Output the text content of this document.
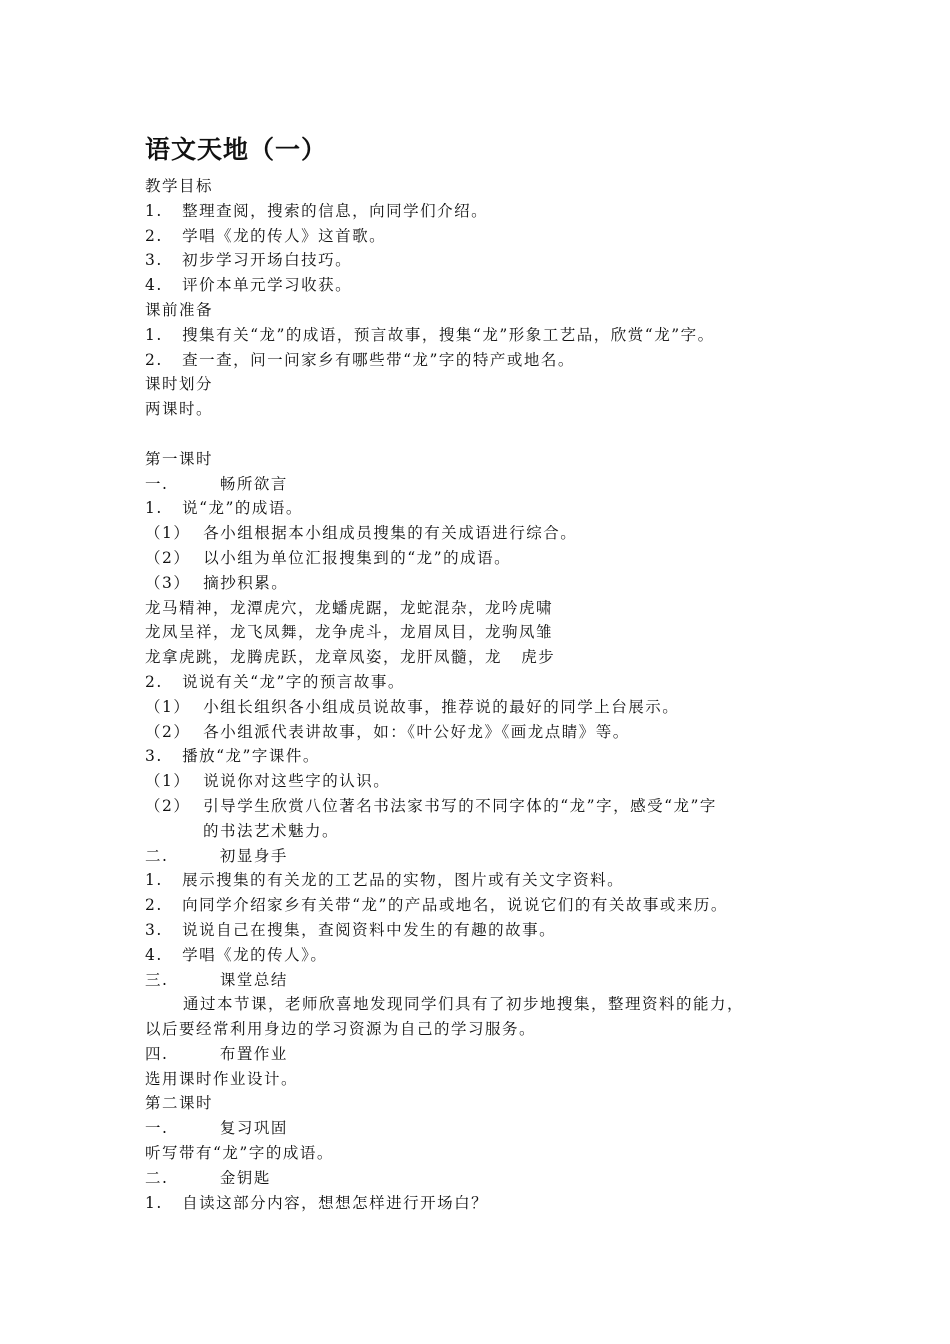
语文天地（一）
教学目标
1.   整理查阅，搜索的信息，向同学们介绍。
2.   学唱《龙的传人》这首歌。
3.   初步学习开场白技巧。
4.   评价本单元学习收获。
课前准备
1.   搜集有关“龙”的成语，预言故事，搜集“龙”形象工艺品，欣赏“龙”字。
2.   查一查，问一问家乡有哪些带“龙”字的特产或地名。
课时划分
两课时。
第一课时
一.        畅所欲言
1.   说“龙”的成语。
（1）  各小组根据本小组成员搜集的有关成语进行综合。
（2）  以小组为单位汇报搜集到的“龙”的成语。
（3）  摘抄积累。
龙马精神，龙潭虎穴，龙蟠虎踞，龙蛇混杂，龙吟虎啸
龙凤呈祥，龙飞凤舞，龙争虎斗，龙眉凤目，龙驹凤雏
龙拿虎跳，龙腾虎跃，龙章凤姿，龙肝凤髓，龙   虎步
2.   说说有关“龙”字的预言故事。
（1）  小组长组织各小组成员说故事，推荐说的最好的同学上台展示。
（2）  各小组派代表讲故事，如：《叶公好龙》《画龙点睛》等。
3.   播放“龙”字课件。
（1）  说说你对这些字的认识。
（2）  引导学生欣赏八位著名书法家书写的不同字体的“龙”字，感受“龙”字
的书法艺术魅力。
二.        初显身手
1.   展示搜集的有关龙的工艺品的实物，图片或有关文字资料。
2.   向同学介绍家乡有关带“龙”的产品或地名，说说它们的有关故事或来历。
3.   说说自己在搜集，查阅资料中发生的有趣的故事。
4.   学唱《龙的传人》。
三.        课堂总结
通过本节课，老师欣喜地发现同学们具有了初步地搜集，整理资料的能力，
以后要经常利用身边的学习资源为自己的学习服务。
四.        布置作业
选用课时作业设计。
第二课时
一.        复习巩固
听写带有“龙”字的成语。
二.        金钥匙
1.   自读这部分内容，想想怎样进行开场白？
